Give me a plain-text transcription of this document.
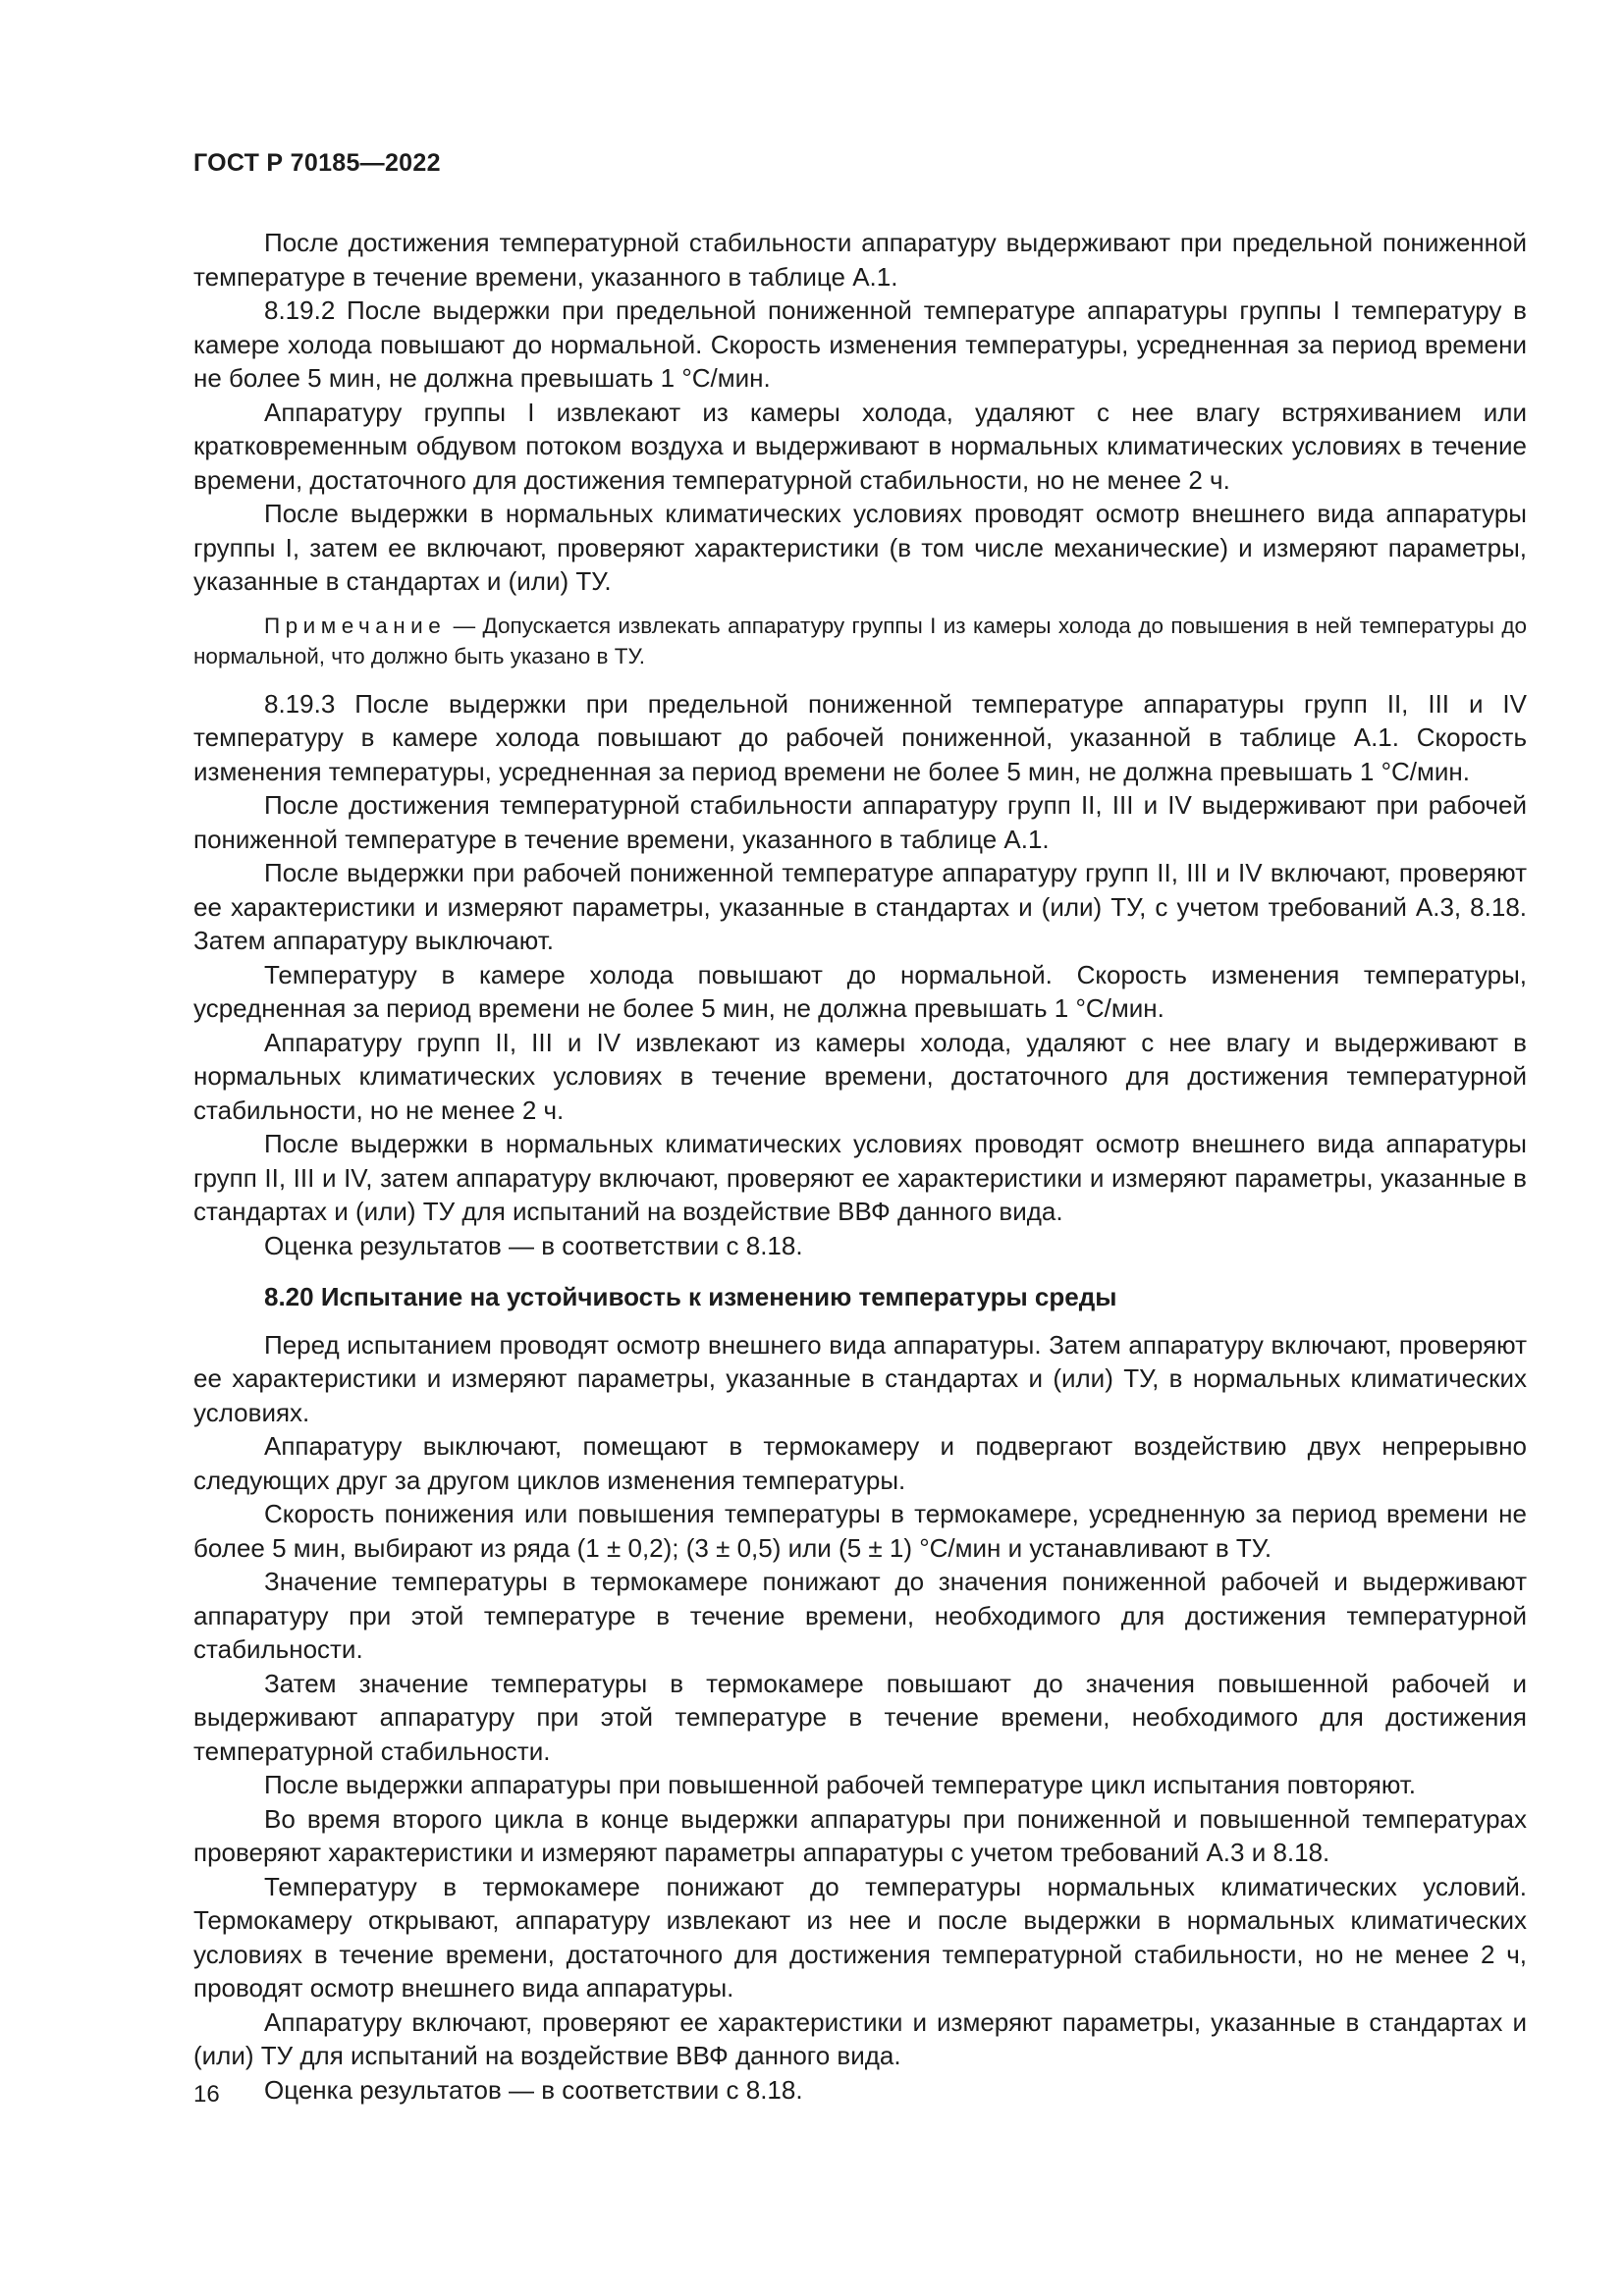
ГОСТ Р 70185—2022

После достижения температурной стабильности аппаратуру выдерживают при предельной пониженной температуре в течение времени, указанного в таблице А.1.

8.19.2 После выдержки при предельной пониженной температуре аппаратуры группы I температуру в камере холода повышают до нормальной. Скорость изменения температуры, усредненная за период времени не более 5 мин, не должна превышать 1 °С/мин.

Аппаратуру группы I извлекают из камеры холода, удаляют с нее влагу встряхиванием или кратковременным обдувом потоком воздуха и выдерживают в нормальных климатических условиях в течение времени, достаточного для достижения температурной стабильности, но не менее 2 ч.

После выдержки в нормальных климатических условиях проводят осмотр внешнего вида аппаратуры группы I, затем ее включают, проверяют характеристики (в том числе механические) и измеряют параметры, указанные в стандартах и (или) ТУ.

Примечание — Допускается извлекать аппаратуру группы I из камеры холода до повышения в ней температуры до нормальной, что должно быть указано в ТУ.

8.19.3 После выдержки при предельной пониженной температуре аппаратуры групп II, III и IV температуру в камере холода повышают до рабочей пониженной, указанной в таблице А.1. Скорость изменения температуры, усредненная за период времени не более 5 мин, не должна превышать 1 °С/мин.

После достижения температурной стабильности аппаратуру групп II, III и IV выдерживают при рабочей пониженной температуре в течение времени, указанного в таблице А.1.

После выдержки при рабочей пониженной температуре аппаратуру групп II, III и IV включают, проверяют ее характеристики и измеряют параметры, указанные в стандартах и (или) ТУ, с учетом требований А.3, 8.18. Затем аппаратуру выключают.

Температуру в камере холода повышают до нормальной. Скорость изменения температуры, усредненная за период времени не более 5 мин, не должна превышать 1 °С/мин.

Аппаратуру групп II, III и IV извлекают из камеры холода, удаляют с нее влагу и выдерживают в нормальных климатических условиях в течение времени, достаточного для достижения температурной стабильности, но не менее 2 ч.

После выдержки в нормальных климатических условиях проводят осмотр внешнего вида аппаратуры групп II, III и IV, затем аппаратуру включают, проверяют ее характеристики и измеряют параметры, указанные в стандартах и (или) ТУ для испытаний на воздействие ВВФ данного вида.

Оценка результатов — в соответствии с 8.18.

8.20 Испытание на устойчивость к изменению температуры среды

Перед испытанием проводят осмотр внешнего вида аппаратуры. Затем аппаратуру включают, проверяют ее характеристики и измеряют параметры, указанные в стандартах и (или) ТУ, в нормальных климатических условиях.

Аппаратуру выключают, помещают в термокамеру и подвергают воздействию двух непрерывно следующих друг за другом циклов изменения температуры.

Скорость понижения или повышения температуры в термокамере, усредненную за период времени не более 5 мин, выбирают из ряда (1 ± 0,2); (3 ± 0,5) или (5 ± 1) °С/мин и устанавливают в ТУ.

Значение температуры в термокамере понижают до значения пониженной рабочей и выдерживают аппаратуру при этой температуре в течение времени, необходимого для достижения температурной стабильности.

Затем значение температуры в термокамере повышают до значения повышенной рабочей и выдерживают аппаратуру при этой температуре в течение времени, необходимого для достижения температурной стабильности.

После выдержки аппаратуры при повышенной рабочей температуре цикл испытания повторяют.

Во время второго цикла в конце выдержки аппаратуры при пониженной и повышенной температурах проверяют характеристики и измеряют параметры аппаратуры с учетом требований А.3 и 8.18.

Температуру в термокамере понижают до температуры нормальных климатических условий. Термокамеру открывают, аппаратуру извлекают из нее и после выдержки в нормальных климатических условиях в течение времени, достаточного для достижения температурной стабильности, но не менее 2 ч, проводят осмотр внешнего вида аппаратуры.

Аппаратуру включают, проверяют ее характеристики и измеряют параметры, указанные в стандартах и (или) ТУ для испытаний на воздействие ВВФ данного вида.

Оценка результатов — в соответствии с 8.18.

16
